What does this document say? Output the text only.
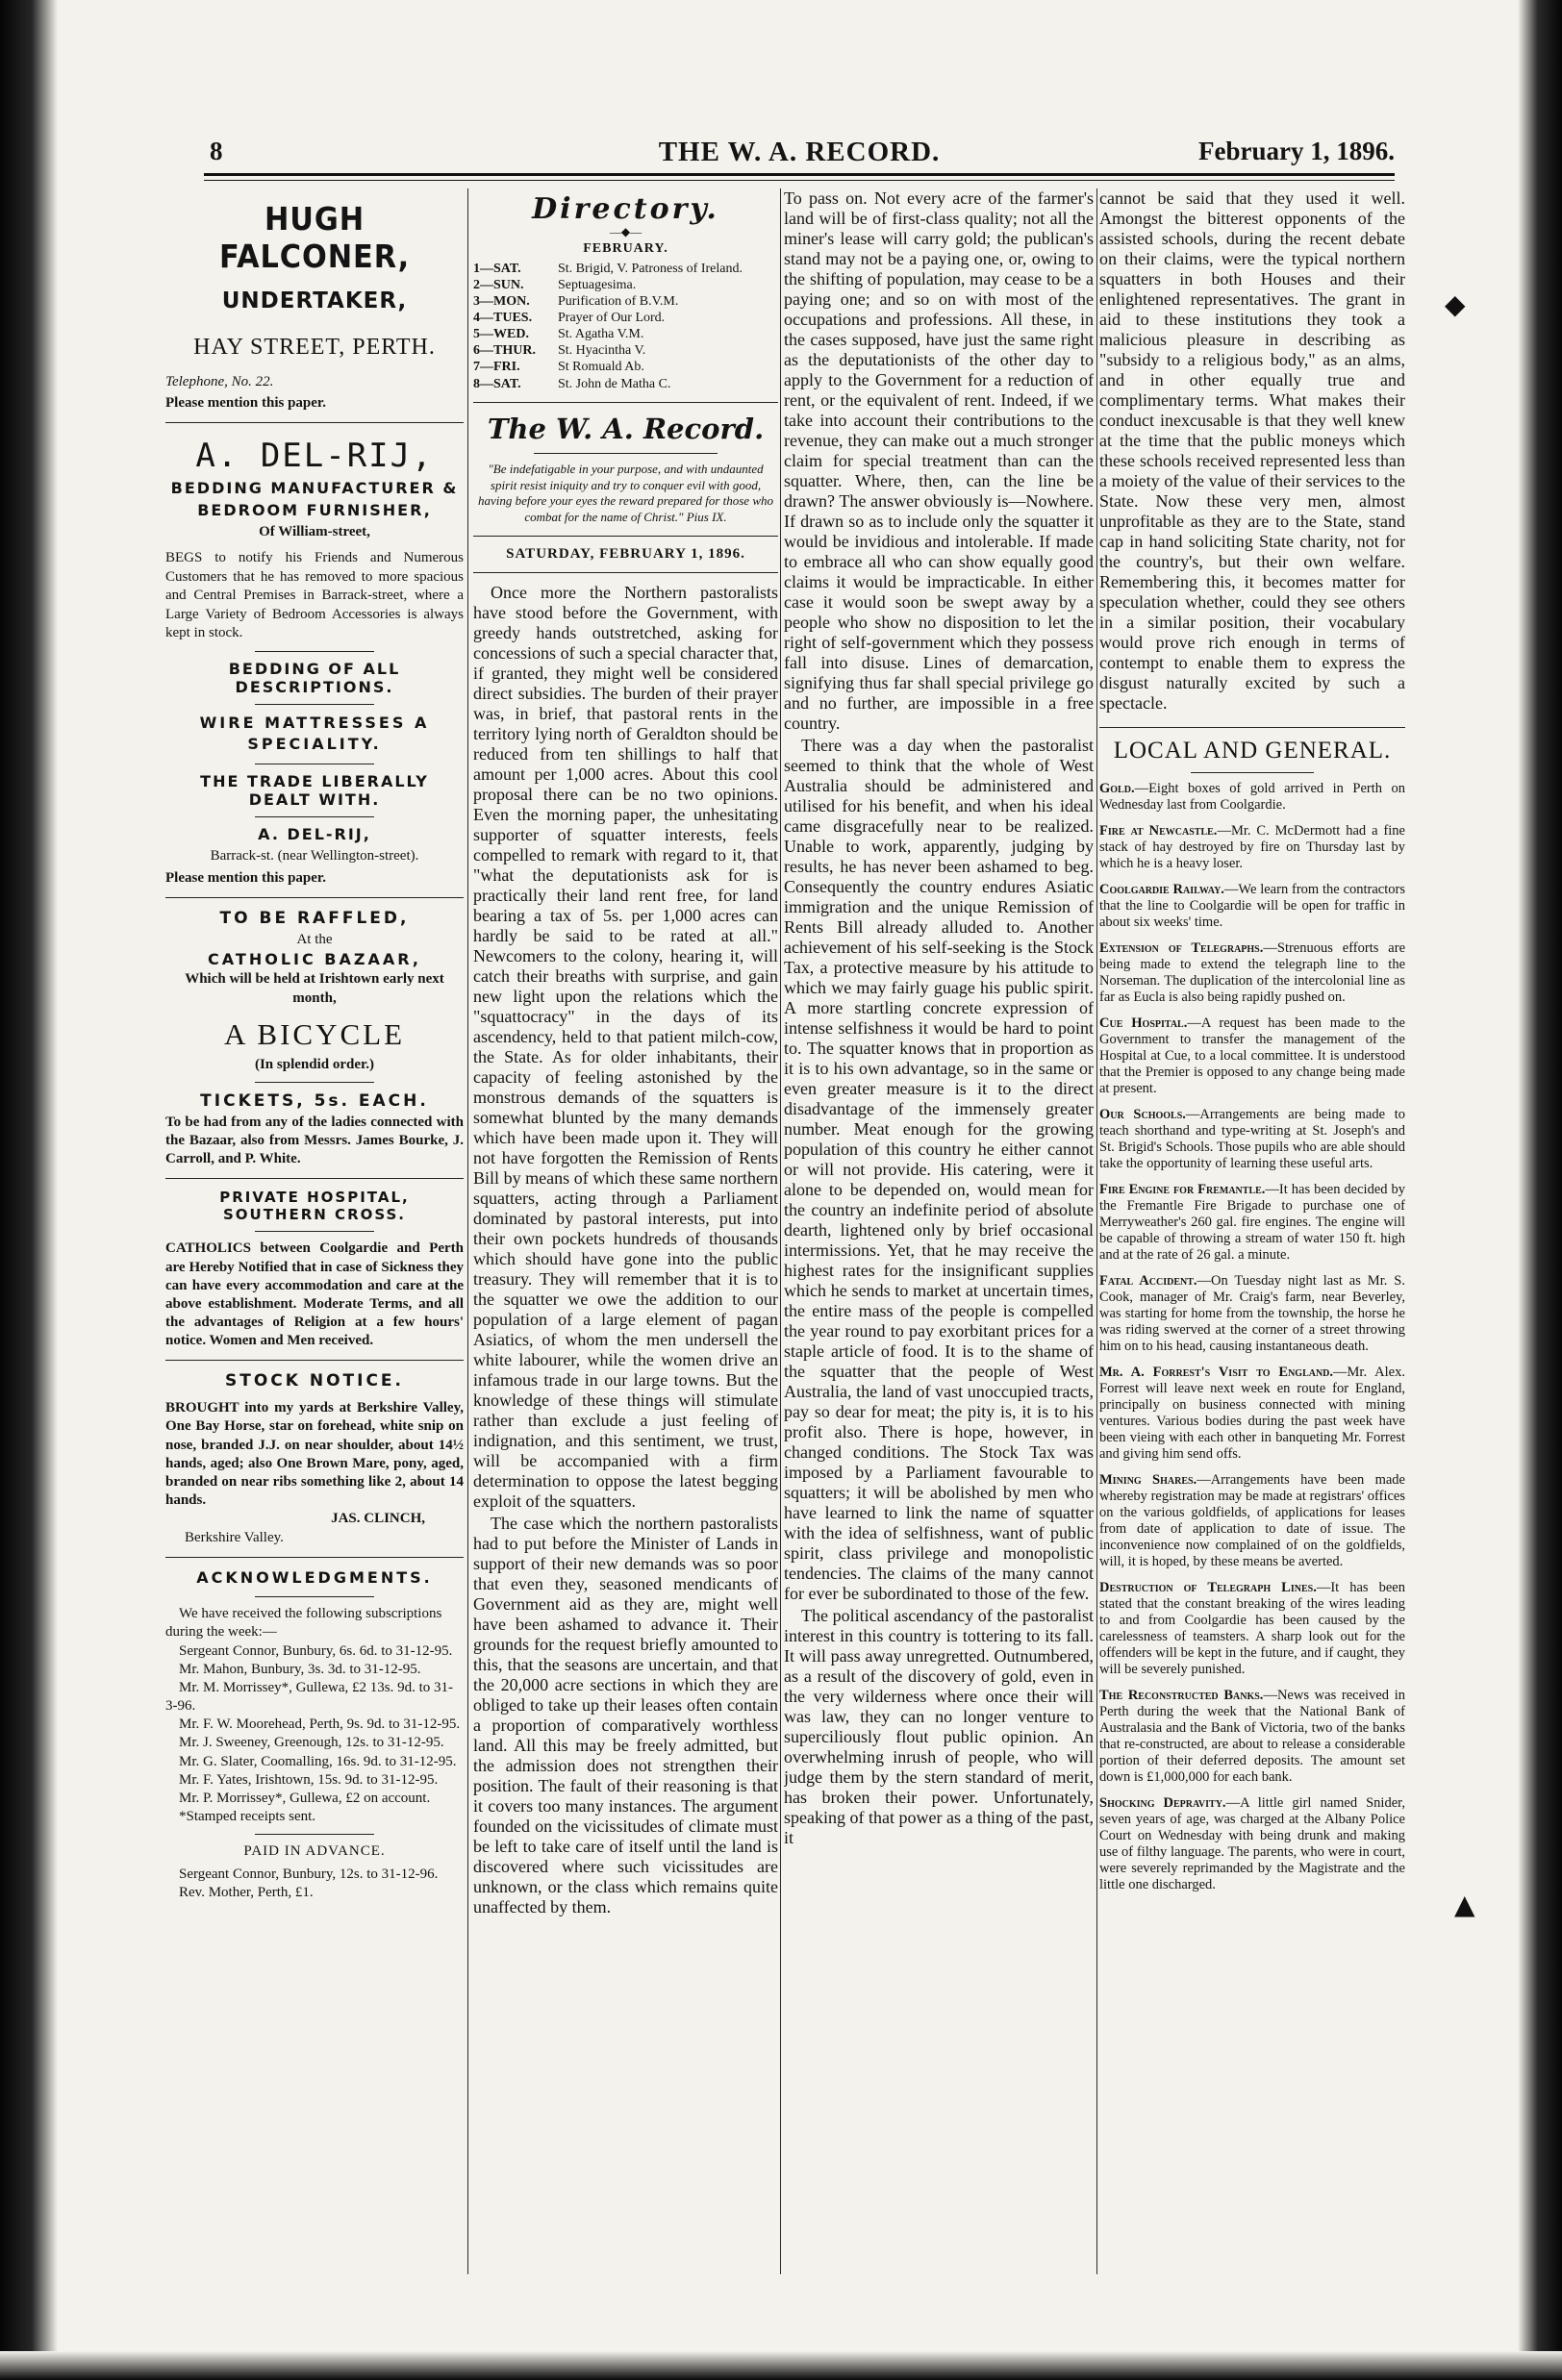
8	THE W. A. RECORD.	February 1, 1896.
HUGH FALCONER,
UNDERTAKER,
HAY STREET, PERTH.
Telephone, No. 22.
Please mention this paper.
A. DEL-RIJ,
BEDDING MANUFACTURER &
BEDROOM FURNISHER,
Of William-street,
BEGS to notify his Friends and Numerous Customers that he has removed to more spacious and Central Premises in Barrack-street, where a Large Variety of Bedroom Accessories is always kept in stock.
BEDDING OF ALL DESCRIPTIONS.
WIRE MATTRESSES A SPECIALITY.
THE TRADE LIBERALLY DEALT WITH.
A. DEL-RIJ,
Barrack-st. (near Wellington-street).
Please mention this paper.
TO BE RAFFLED,
At the
CATHOLIC BAZAAR,
Which will be held at Irishtown early next month,
A BICYCLE
(In splendid order.)
TICKETS, 5s. EACH.
To be had from any of the ladies connected with the Bazaar, also from Messrs. James Bourke, J. Carroll, and P. White.
PRIVATE HOSPITAL, SOUTHERN CROSS.
CATHOLICS between Coolgardie and Perth are Hereby Notified that in case of Sickness they can have every accommodation and care at the above establishment. Moderate Terms, and all the advantages of Religion at a few hours' notice. Women and Men received.
STOCK NOTICE.
BROUGHT into my yards at Berkshire Valley, One Bay Horse, star on forehead, white snip on nose, branded J.J. on near shoulder, about 14½ hands, aged; also One Brown Mare, pony, aged, branded on near ribs something like 2, about 14 hands.
JAS. CLINCH,
Berkshire Valley.
ACKNOWLEDGMENTS.
We have received the following subscriptions during the week:—
Sergeant Connor, Bunbury, 6s. 6d. to 31-12-95.
Mr. Mahon, Bunbury, 3s. 3d. to 31-12-95.
Mr. M. Morrissey*, Gullewa, £2 13s. 9d. to 31-3-96.
Mr. F. W. Moorehead, Perth, 9s. 9d. to 31-12-95.
Mr. J. Sweeney, Greenough, 12s. to 31-12-95.
Mr. G. Slater, Coomalling, 16s. 9d. to 31-12-95.
Mr. F. Yates, Irishtown, 15s. 9d. to 31-12-95.
Mr. P. Morrissey*, Gullewa, £2 on account.
*Stamped receipts sent.
PAID IN ADVANCE.
Sergeant Connor, Bunbury, 12s. to 31-12-96.
Rev. Mother, Perth, £1.
Directory.
―◆―
FEBRUARY.
1—SAT.	St. Brigid, V. Patroness of Ireland.
2—SUN.	Septuagesima.
3—MON.	Purification of B.V.M.
4—TUES.	Prayer of Our Lord.
5—WED.	St. Agatha V.M.
6—THUR.	St. Hyacintha V.
7—FRI.	St Romuald Ab.
8—SAT.	St. John de Matha C.
The W. A. Record.
"Be indefatigable in your purpose, and with undaunted spirit resist iniquity and try to conquer evil with good, having before your eyes the reward prepared for those who combat for the name of Christ." Pius IX.
SATURDAY, FEBRUARY 1, 1896.

Once more the Northern pastoralists have stood before the Government, with greedy hands outstretched, asking for concessions of such a special character that, if granted, they might well be considered direct subsidies. The burden of their prayer was, in brief, that pastoral rents in the territory lying north of Geraldton should be reduced from ten shillings to half that amount per 1,000 acres. About this cool proposal there can be no two opinions. Even the morning paper, the unhesitating supporter of squatter interests, feels compelled to remark with regard to it, that "what the deputationists ask for is practically their land rent free, for land bearing a tax of 5s. per 1,000 acres can hardly be said to be rated at all." Newcomers to the colony, hearing it, will catch their breaths with surprise, and gain new light upon the relations which the "squattocracy" in the days of its ascendency, held to that patient milch-cow, the State. As for older inhabitants, their capacity of feeling astonished by the monstrous demands of the squatters is somewhat blunted by the many demands which have been made upon it. They will not have forgotten the Remission of Rents Bill by means of which these same northern squatters, acting through a Parliament dominated by pastoral interests, put into their own pockets hundreds of thousands which should have gone into the public treasury. They will remember that it is to the squatter we owe the addition to our population of a large element of pagan Asiatics, of whom the men undersell the white labourer, while the women drive an infamous trade in our large towns. But the knowledge of these things will stimulate rather than exclude a just feeling of indignation, and this sentiment, we trust, will be accompanied with a firm determination to oppose the latest begging exploit of the squatters.

The case which the northern pastoralists had to put before the Minister of Lands in support of their new demands was so poor that even they, seasoned mendicants of Government aid as they are, might well have been ashamed to advance it. Their grounds for the request briefly amounted to this, that the seasons are uncertain, and that the 20,000 acre sections in which they are obliged to take up their leases often contain a proportion of comparatively worthless land. All this may be freely admitted, but the admission does not strengthen their position. The fault of their reasoning is that it covers too many instances. The argument founded on the vicissitudes of climate must be left to take care of itself until the land is discovered where such vicissitudes are unknown, or the class which remains quite unaffected by them.

To pass on. Not every acre of the farmer's land will be of first-class quality; not all the miner's lease will carry gold; the publican's stand may not be a paying one, or, owing to the shifting of population, may cease to be a paying one; and so on with most of the occupations and professions. All these, in the cases supposed, have just the same right as the deputationists of the other day to apply to the Government for a reduction of rent, or the equivalent of rent. Indeed, if we take into account their contributions to the revenue, they can make out a much stronger claim for special treatment than can the squatter. Where, then, can the line be drawn? The answer obviously is—Nowhere. If drawn so as to include only the squatter it would be invidious and intolerable. If made to embrace all who can show equally good claims it would be impracticable. In either case it would soon be swept away by a people who show no disposition to let the right of self-government which they possess fall into disuse. Lines of demarcation, signifying thus far shall special privilege go and no further, are impossible in a free country.

There was a day when the pastoralist seemed to think that the whole of West Australia should be administered and utilised for his benefit, and when his ideal came disgracefully near to be realized. Unable to work, apparently, judging by results, he has never been ashamed to beg. Consequently the country endures Asiatic immigration and the unique Remission of Rents Bill already alluded to. Another achievement of his self-seeking is the Stock Tax, a protective measure by his attitude to which we may fairly guage his public spirit. A more startling concrete expression of intense selfishness it would be hard to point to. The squatter knows that in proportion as it is to his own advantage, so in the same or even greater measure is it to the direct disadvantage of the immensely greater number. Meat enough for the growing population of this country he either cannot or will not provide. His catering, were it alone to be depended on, would mean for the country an indefinite period of absolute dearth, lightened only by brief occasional intermissions. Yet, that he may receive the highest rates for the insignificant supplies which he sends to market at uncertain times, the entire mass of the people is compelled the year round to pay exorbitant prices for a staple article of food. It is to the shame of the squatter that the people of West Australia, the land of vast unoccupied tracts, pay so dear for meat; the pity is, it is to his profit also. There is hope, however, in changed conditions. The Stock Tax was imposed by a Parliament favourable to squatters; it will be abolished by men who have learned to link the name of squatter with the idea of selfishness, want of public spirit, class privilege and monopolistic tendencies. The claims of the many cannot for ever be subordinated to those of the few.

The political ascendancy of the pastoralist interest in this country is tottering to its fall. It will pass away unregretted. Outnumbered, as a result of the discovery of gold, even in the very wilderness where once their will was law, they can no longer venture to superciliously flout public opinion. An overwhelming inrush of people, who will judge them by the stern standard of merit, has broken their power. Unfortunately, speaking of that power as a thing of the past, it

cannot be said that they used it well. Amongst the bitterest opponents of the assisted schools, during the recent debate on their claims, were the typical northern squatters in both Houses and their enlightened representatives. The grant in aid to these institutions they took a malicious pleasure in describing as "subsidy to a religious body," as an alms, and in other equally true and complimentary terms. What makes their conduct inexcusable is that they well knew at the time that the public moneys which these schools received represented less than a moiety of the value of their services to the State. Now these very men, almost unprofitable as they are to the State, stand cap in hand soliciting State charity, not for the country's, but their own welfare. Remembering this, it becomes matter for speculation whether, could they see others in a similar position, their vocabulary would prove rich enough in terms of contempt to enable them to express the disgust naturally excited by such a spectacle.

LOCAL AND GENERAL.
Gold.—Eight boxes of gold arrived in Perth on Wednesday last from Coolgardie.
Fire at Newcastle.—Mr. C. McDermott had a fine stack of hay destroyed by fire on Thursday last by which he is a heavy loser.
Coolgardie Railway.—We learn from the contractors that the line to Coolgardie will be open for traffic in about six weeks' time.
Extension of Telegraphs.—Strenuous efforts are being made to extend the telegraph line to the Norseman. The duplication of the intercolonial line as far as Eucla is also being rapidly pushed on.
Cue Hospital.—A request has been made to the Government to transfer the management of the Hospital at Cue, to a local committee. It is understood that the Premier is opposed to any change being made at present.
Our Schools.—Arrangements are being made to teach shorthand and type-writing at St. Joseph's and St. Brigid's Schools. Those pupils who are able should take the opportunity of learning these useful arts.
Fire Engine for Fremantle.—It has been decided by the Fremantle Fire Brigade to purchase one of Merryweather's 260 gal. fire engines. The engine will be capable of throwing a stream of water 150 ft. high and at the rate of 26 gal. a minute.
Fatal Accident.—On Tuesday night last as Mr. S. Cook, manager of Mr. Craig's farm, near Beverley, was starting for home from the township, the horse he was riding swerved at the corner of a street throwing him on to his head, causing instantaneous death.
Mr. A. Forrest's Visit to England.—Mr. Alex. Forrest will leave next week en route for England, principally on business connected with mining ventures. Various bodies during the past week have been vieing with each other in banqueting Mr. Forrest and giving him send offs.
Mining Shares.—Arrangements have been made whereby registration may be made at registrars' offices on the various goldfields, of applications for leases from date of application to date of issue. The inconvenience now complained of on the goldfields, will, it is hoped, by these means be averted.
Destruction of Telegraph Lines.—It has been stated that the constant breaking of the wires leading to and from Coolgardie has been caused by the carelessness of teamsters. A sharp look out for the offenders will be kept in the future, and if caught, they will be severely punished.
The Reconstructed Banks.—News was received in Perth during the week that the National Bank of Australasia and the Bank of Victoria, two of the banks that re-constructed, are about to release a considerable portion of their deferred deposits. The amount set down is £1,000,000 for each bank.
Shocking Depravity.—A little girl named Snider, seven years of age, was charged at the Albany Police Court on Wednesday with being drunk and making use of filthy language. The parents, who were in court, were severely reprimanded by the Magistrate and the little one discharged.
◆
▲
